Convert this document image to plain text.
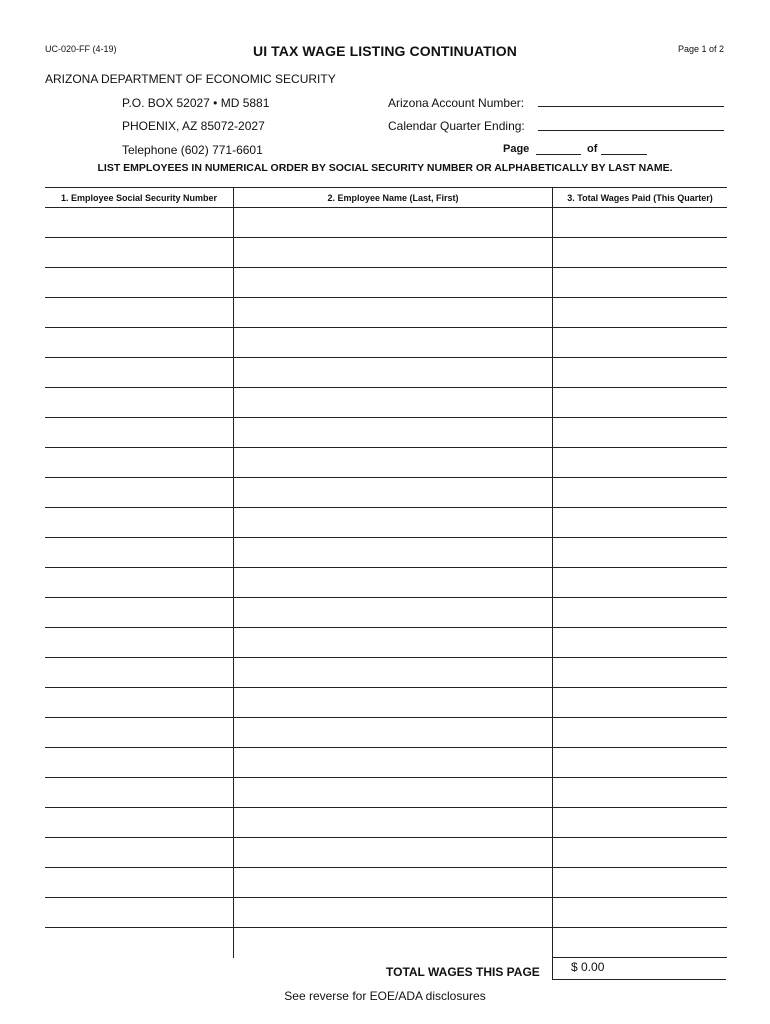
UC-020-FF (4-19)	UI TAX WAGE LISTING CONTINUATION	Page 1 of 2
ARIZONA DEPARTMENT OF ECONOMIC SECURITY
P.O. BOX 52027 • MD 5881
PHOENIX, AZ 85072-2027
Telephone (602) 771-6601
Arizona Account Number:
Calendar Quarter Ending:
Page	of
LIST EMPLOYEES IN NUMERICAL ORDER BY SOCIAL SECURITY NUMBER OR ALPHABETICALLY BY LAST NAME.
1. Employee Social Security Number	2. Employee Name (Last, First)	3. Total Wages Paid (This Quarter)

TOTAL WAGES THIS PAGE	$ 0.00
See reverse for EOE/ADA disclosures
